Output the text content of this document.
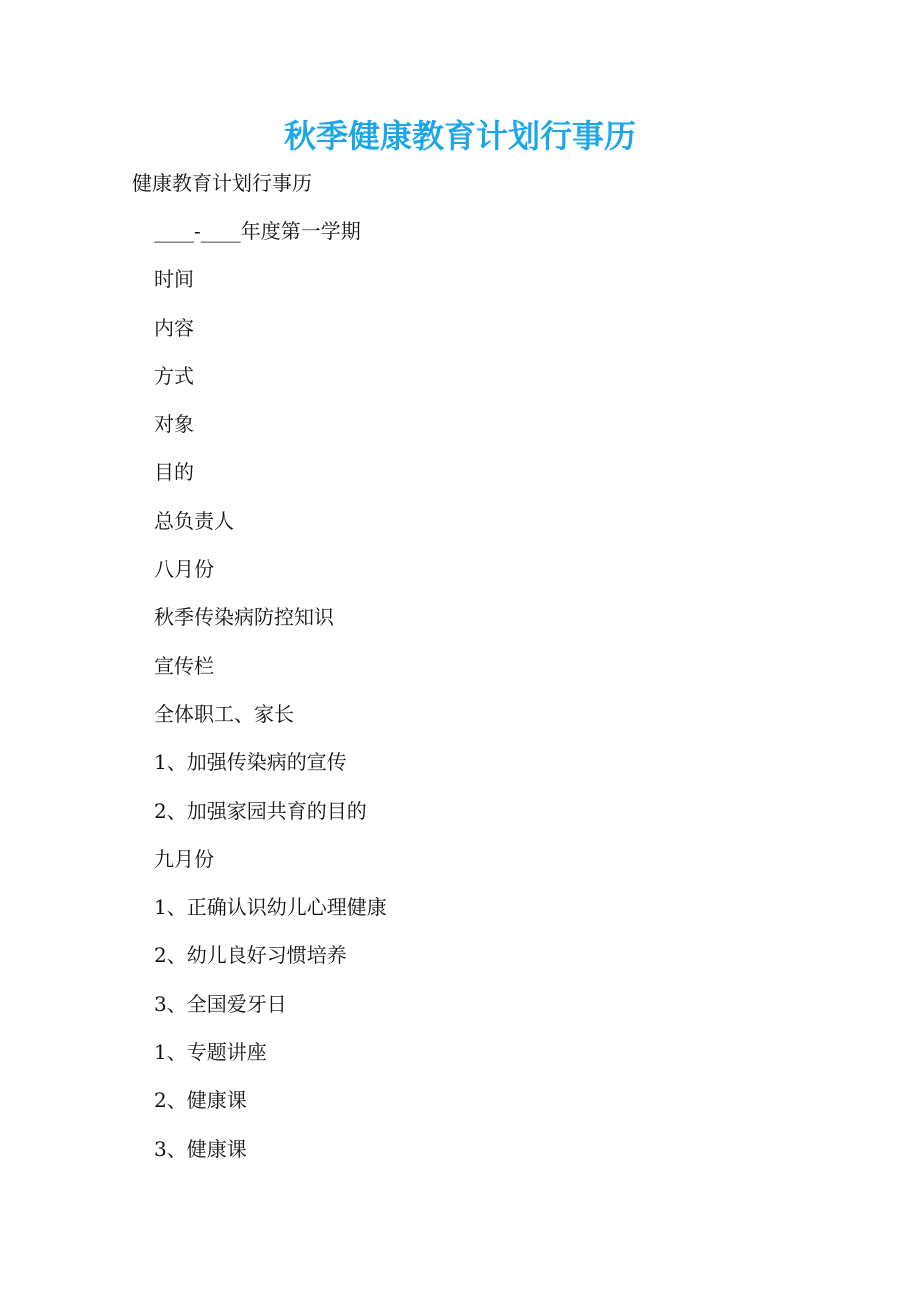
秋季健康教育计划行事历
健康教育计划行事历
____-____年度第一学期
时间
内容
方式
对象
目的
总负责人
八月份
秋季传染病防控知识
宣传栏
全体职工、家长
1、加强传染病的宣传
2、加强家园共育的目的
九月份
1、正确认识幼儿心理健康
2、幼儿良好习惯培养
3、全国爱牙日
1、专题讲座
2、健康课
3、健康课
